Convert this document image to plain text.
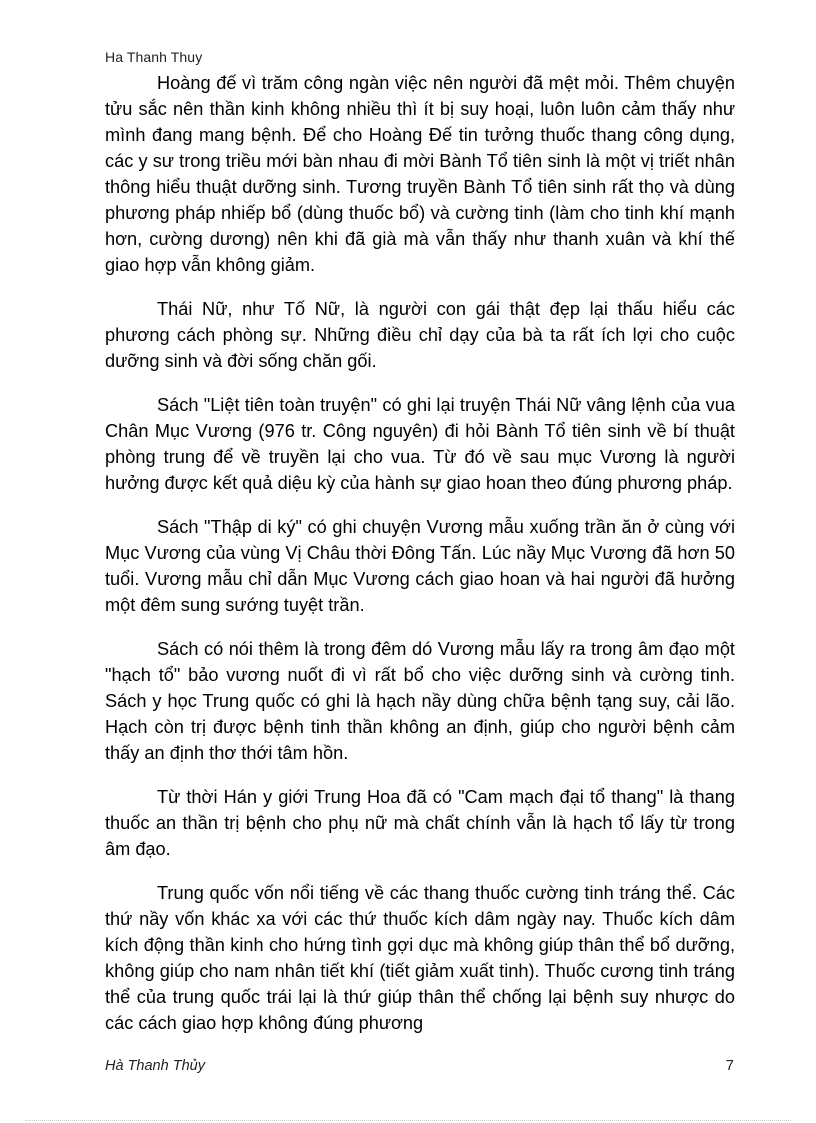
Ha Thanh Thuy

Hoàng đế vì trăm công ngàn việc nên người đã mệt mỏi. Thêm chuyện tửu sắc nên thần kinh không nhiều thì ít bị suy hoại, luôn luôn cảm thấy như mình đang mang bệnh. Để cho Hoàng Đế tin tưởng thuốc thang công dụng, các y sư trong triều mới bàn nhau đi mời Bành Tổ tiên sinh là một vị triết nhân thông hiểu thuật dưỡng sinh. Tương truyền Bành Tổ tiên sinh rất thọ và dùng phương pháp nhiếp bổ (dùng thuốc bổ) và cường tinh (làm cho tinh khí mạnh hơn, cường dương) nên khi đã già mà vẫn thấy như thanh xuân và khí thế giao hợp vẫn không giảm.

Thái Nữ, như Tố Nữ, là người con gái thật đẹp lại thấu hiểu các phương cách phòng sự. Những điều chỉ dạy của bà ta rất ích lợi cho cuộc dưỡng sinh và đời sống chăn gối.

Sách "Liệt tiên toàn truyện" có ghi lại truyện Thái Nữ vâng lệnh của vua Chân Mục Vương (976 tr. Công nguyên) đi hỏi Bành Tổ tiên sinh về bí thuật phòng trung để về truyền lại cho vua. Từ đó về sau mục Vương là người hưởng được kết quả diệu kỳ của hành sự giao hoan theo đúng phương pháp.

Sách "Thập di ký" có ghi chuyện Vương mẫu xuống trần ăn ở cùng với Mục Vương của vùng Vị Châu thời Đông Tấn. Lúc nầy Mục Vương đã hơn 50 tuổi. Vương mẫu chỉ dẫn Mục Vương cách giao hoan và hai người đã hưởng một đêm sung sướng tuyệt trần.

Sách có nói thêm là trong đêm dó Vương mẫu lấy ra trong âm đạo một "hạch tổ" bảo vương nuốt đi vì rất bổ cho việc dưỡng sinh và cường tinh. Sách y học Trung quốc có ghi là hạch nầy dùng chữa bệnh tạng suy, cải lão. Hạch còn trị được bệnh tinh thần không an định, giúp cho người bệnh cảm thấy an định thơ thới tâm hồn.

Từ thời Hán y giới Trung Hoa đã có "Cam mạch đại tổ thang" là thang thuốc an thần trị bệnh cho phụ nữ mà chất chính vẫn là hạch tổ lấy từ trong âm đạo.

Trung quốc vốn nổi tiếng về các thang thuốc cường tinh tráng thể. Các thứ nầy vốn khác xa với các thứ thuốc kích dâm ngày nay. Thuốc kích dâm kích động thần kinh cho hứng tình gợi dục mà không giúp thân thể bổ dưỡng, không giúp cho nam nhân tiết khí (tiết giảm xuất tinh). Thuốc cương tinh tráng thể của trung quốc trái lại là thứ giúp thân thể chống lại bệnh suy nhược do các cách giao hợp không đúng phương

Hà Thanh Thủy	7
